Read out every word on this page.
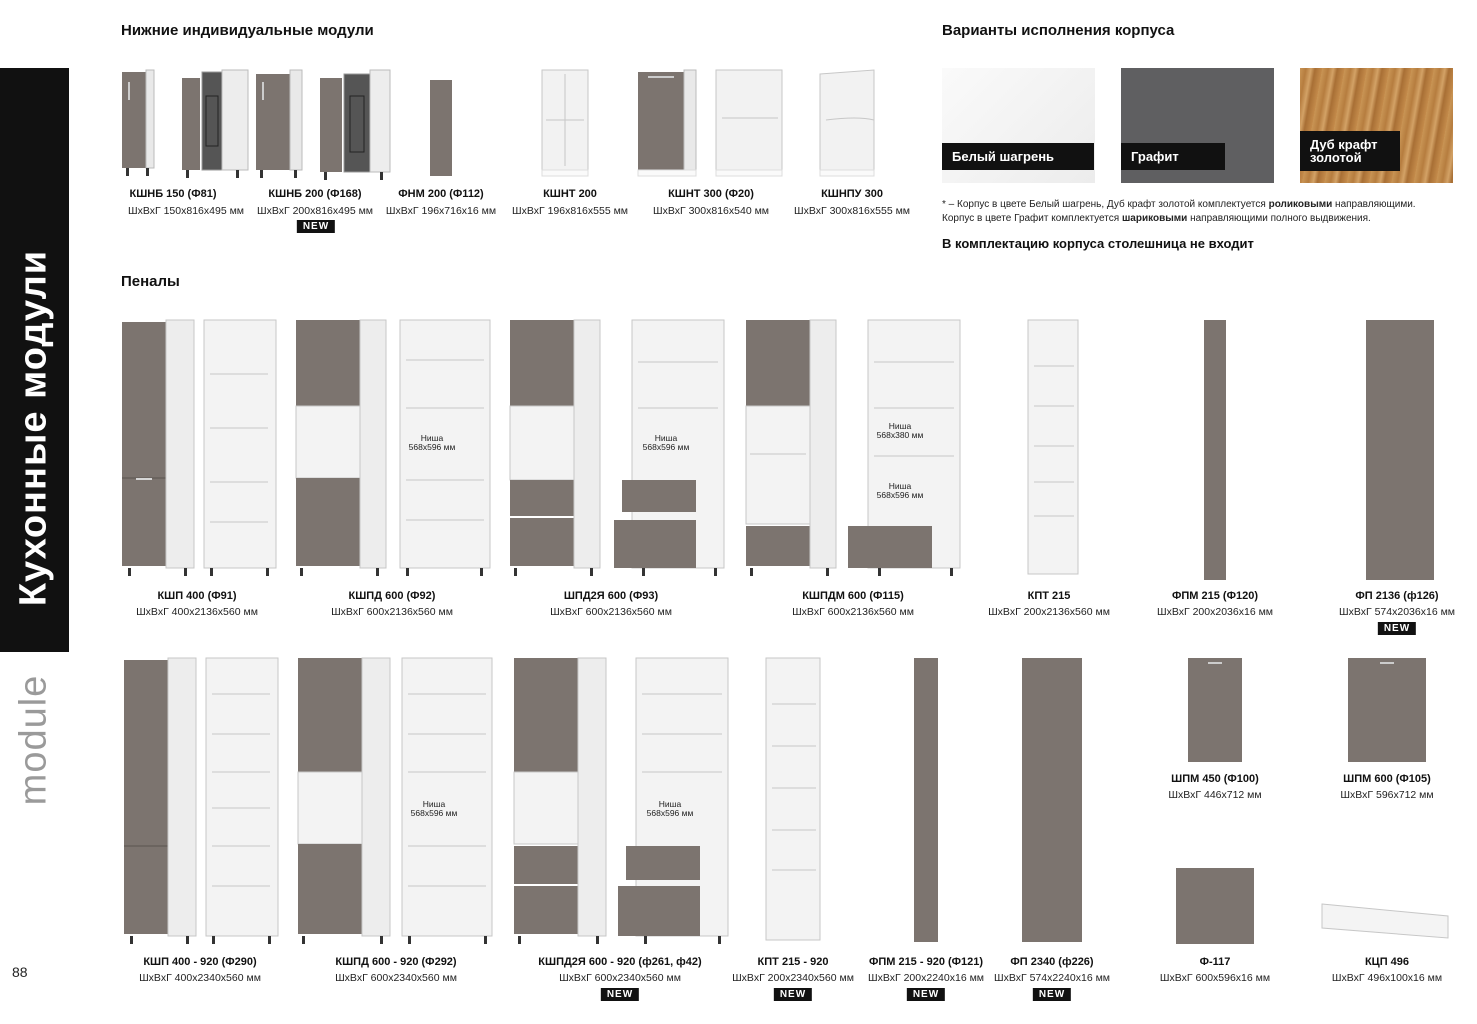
Кухонные модули
module
88
Нижние индивидуальные модули	Варианты исполнения корпуса
Пеналы
Белый шагрень	Графит
Дуб крафт золотой
* – Корпус в цвете Белый шагрень, Дуб крафт золотой комплектуется роликовыми направляющими.
Корпус в цвете Графит комплектуется шариковыми направляющими полного выдвижения.
В комплектацию корпуса столешница не входит
КШНБ 150 (Ф81)
ШхВхГ 150х816х495 мм
КШНБ 200 (Ф168)
ШхВхГ 200х816х495 мм
NEW
ФНМ 200 (Ф112)
ШхВхГ 196х716х16 мм
КШНТ 200
ШхВхГ 196х816х555 мм
КШНТ 300 (Ф20)
ШхВхГ 300х816х540 мм
КШНПУ 300
ШхВхГ 300х816х555 мм
Ниша
568х596 мм
Ниша
568х596 мм
Ниша
568х380 мм
Ниша
568х596 мм
КШП 400 (Ф91)
ШхВхГ 400х2136х560 мм
КШПД 600 (Ф92)
ШхВхГ 600х2136х560 мм
ШПД2Я 600 (Ф93)
ШхВхГ 600х2136х560 мм
КШПДМ 600 (Ф115)
ШхВхГ 600х2136х560 мм
КПТ 215
ШхВхГ 200х2136х560 мм
ФПМ 215 (Ф120)
ШхВхГ 200х2036х16 мм
ФП 2136 (ф126)
ШхВхГ 574х2036х16 мм
NEW
Ниша
568х596 мм
Ниша
568х596 мм
ШПМ 450 (Ф100)
ШхВхГ 446х712 мм
ШПМ 600 (Ф105)
ШхВхГ 596х712 мм
КШП 400 - 920 (Ф290)
ШхВхГ 400х2340х560 мм
КШПД 600 - 920 (Ф292)
ШхВхГ 600х2340х560 мм
КШПД2Я 600 - 920 (ф261, ф42)
ШхВхГ 600х2340х560 мм
NEW
КПТ 215 - 920
ШхВхГ 200х2340х560 мм
NEW
ФПМ 215 - 920 (Ф121)
ШхВхГ 200х2240х16 мм
NEW
ФП 2340 (ф226)
ШхВхГ 574х2240х16 мм
NEW
Ф-117
ШхВхГ 600х596х16 мм
КЦП 496
ШхВхГ 496х100х16 мм
